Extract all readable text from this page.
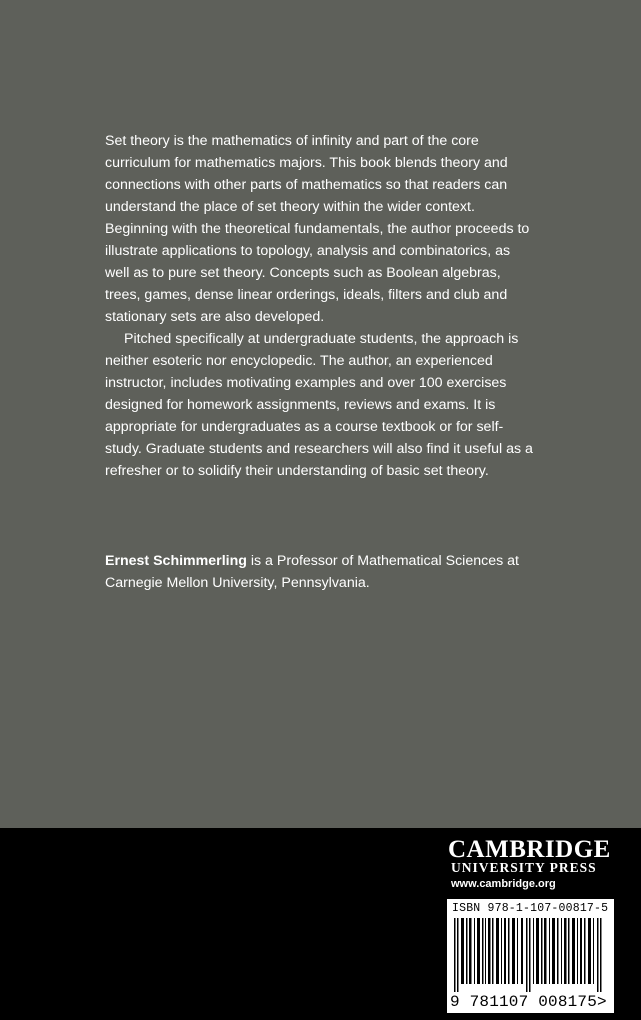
Set theory is the mathematics of infinity and part of the core curriculum for mathematics majors. This book blends theory and connections with other parts of mathematics so that readers can understand the place of set theory within the wider context. Beginning with the theoretical fundamentals, the author proceeds to illustrate applications to topology, analysis and combinatorics, as well as to pure set theory. Concepts such as Boolean algebras, trees, games, dense linear orderings, ideals, filters and club and stationary sets are also developed.

Pitched specifically at undergraduate students, the approach is neither esoteric nor encyclopedic. The author, an experienced instructor, includes motivating examples and over 100 exercises designed for homework assignments, reviews and exams. It is appropriate for undergraduates as a course textbook or for self-study. Graduate students and researchers will also find it useful as a refresher or to solidify their understanding of basic set theory.

Ernest Schimmerling is a Professor of Mathematical Sciences at Carnegie Mellon University, Pennsylvania.
CAMBRIDGE
UNIVERSITY PRESS
www.cambridge.org
ISBN 978-1-107-00817-5
9 781107 008175>
